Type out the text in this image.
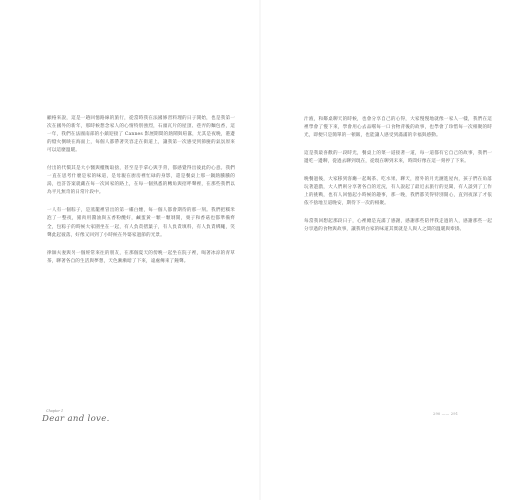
顧格來說，這是一趟回憶路線的旅行，從當時我在法國修習料理的日子開始，也是我第一次在國外的新年，那時候想念家人的心情特別強烈，石頭瓦片的屋頂、巷弄的麵包香，這一年，我們在法國南部的小鎮迎接了 Cannes 影展期間的熱鬧與喧囂，尤其是夜晚，港邊的燈火倒映在海面上，每個人都帶著笑容走在街道上，讓我第一次感受到節慶的氣氛原來可以這麼溫暖。

付出的代價其是大小醫與權衡取捨，甚至是手拿心與手背，都感覺得出彼此的心意。我們一直在思考什麼是家的味道，是母親在廚房裡忙碌的身影，還是餐桌上那一鍋熱騰騰的湯，也許答案就藏在每一次回家的路上，在每一個熟悉的轉角與招呼聲裡，在那些我們以為平凡無奇的日常片段中。

一人有一個粽子，是蒸籠裡冒出的第一縷白煙，每一個人都會期待的那一刻。我們把糯米泡了一整夜，豬肉用醬油與五香粉醃好，鹹蛋黃一顆一顆剝開，栗子和香菇也都準備齊全，包粽子的時候大家圍坐在一起，有人負責摺葉子，有人負責填料，有人負責綁繩，笑聲此起彼落，好像又回到了小時候在外婆家過節的光景。

律師夫妻與另一個經常來往的朋友，在那個夏天的傍晚一起坐在院子裡，喝著冰涼的青草茶，聊著各自的生活與夢想，天色漸漸暗了下來，遠處傳來了鐘聲。

汁液，和鄰桌聊天的時候，也會分享自己的心得，大家慢慢地就像一家人一樣，我們在這裡學會了慢下來，學會用心去品嚐每一口食物背後的故事，也學會了珍惜每一次相聚的時光，即便只是簡單的一頓飯，也能讓人感受到滿滿的幸福與感動。

這是我最喜歡的一段時光，餐桌上的菜一道接著一道，每一道都有它自己的故事，我們一邊吃一邊聊，從過去聊到現在，從現在聊到未來，時間好像在這一刻停了下來。

晚餐過後，大家移到客廳一起喝茶、吃水果、聊天，窗外的月光灑進屋內，孩子們在角落玩著遊戲，大人們則分享著各自的近況，有人說起了最近去旅行的見聞，有人談到了工作上的挑戰，也有人回憶起小時候的趣事，那一晚，我們都笑得特別開心，直到夜深了才依依不捨地互道晚安，期待下一次的相聚。

每當我回想起那段日子，心裡總是充滿了感謝，感謝那些陪伴我走過的人，感謝那些一起分享過的食物與故事，讓我明白家的味道其實就是人與人之間的溫暖與牽掛。

Chapter 1
Dear and love.	290 —— 291
